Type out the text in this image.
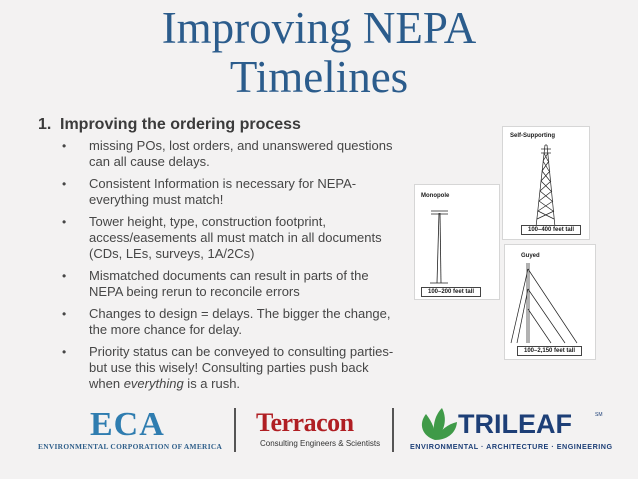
Improving NEPA
Timelines
1. Improving the ordering process
• missing POs, lost orders, and unanswered questions can all cause delays.
• Consistent Information is necessary for NEPA- everything must match!
• Tower height, type, construction footprint, access/easements all must match in all documents (CDs, LEs, surveys, 1A/2Cs)
• Mismatched documents can result in parts of the NEPA being rerun to reconcile errors
• Changes to design = delays. The bigger the change, the more chance for delay.
• Priority status can be conveyed to consulting parties- but use this wisely! Consulting parties push back when everything is a rush.
Self-Supporting
100–400 feet tall
Monopole
100–200 feet tall
Guyed
100–2,150 feet tall
ECA
ENVIRONMENTAL CORPORATION OF AMERICA
Terracon
Consulting Engineers & Scientists
TRILEAF	SM
ENVIRONMENTAL · ARCHITECTURE · ENGINEERING
